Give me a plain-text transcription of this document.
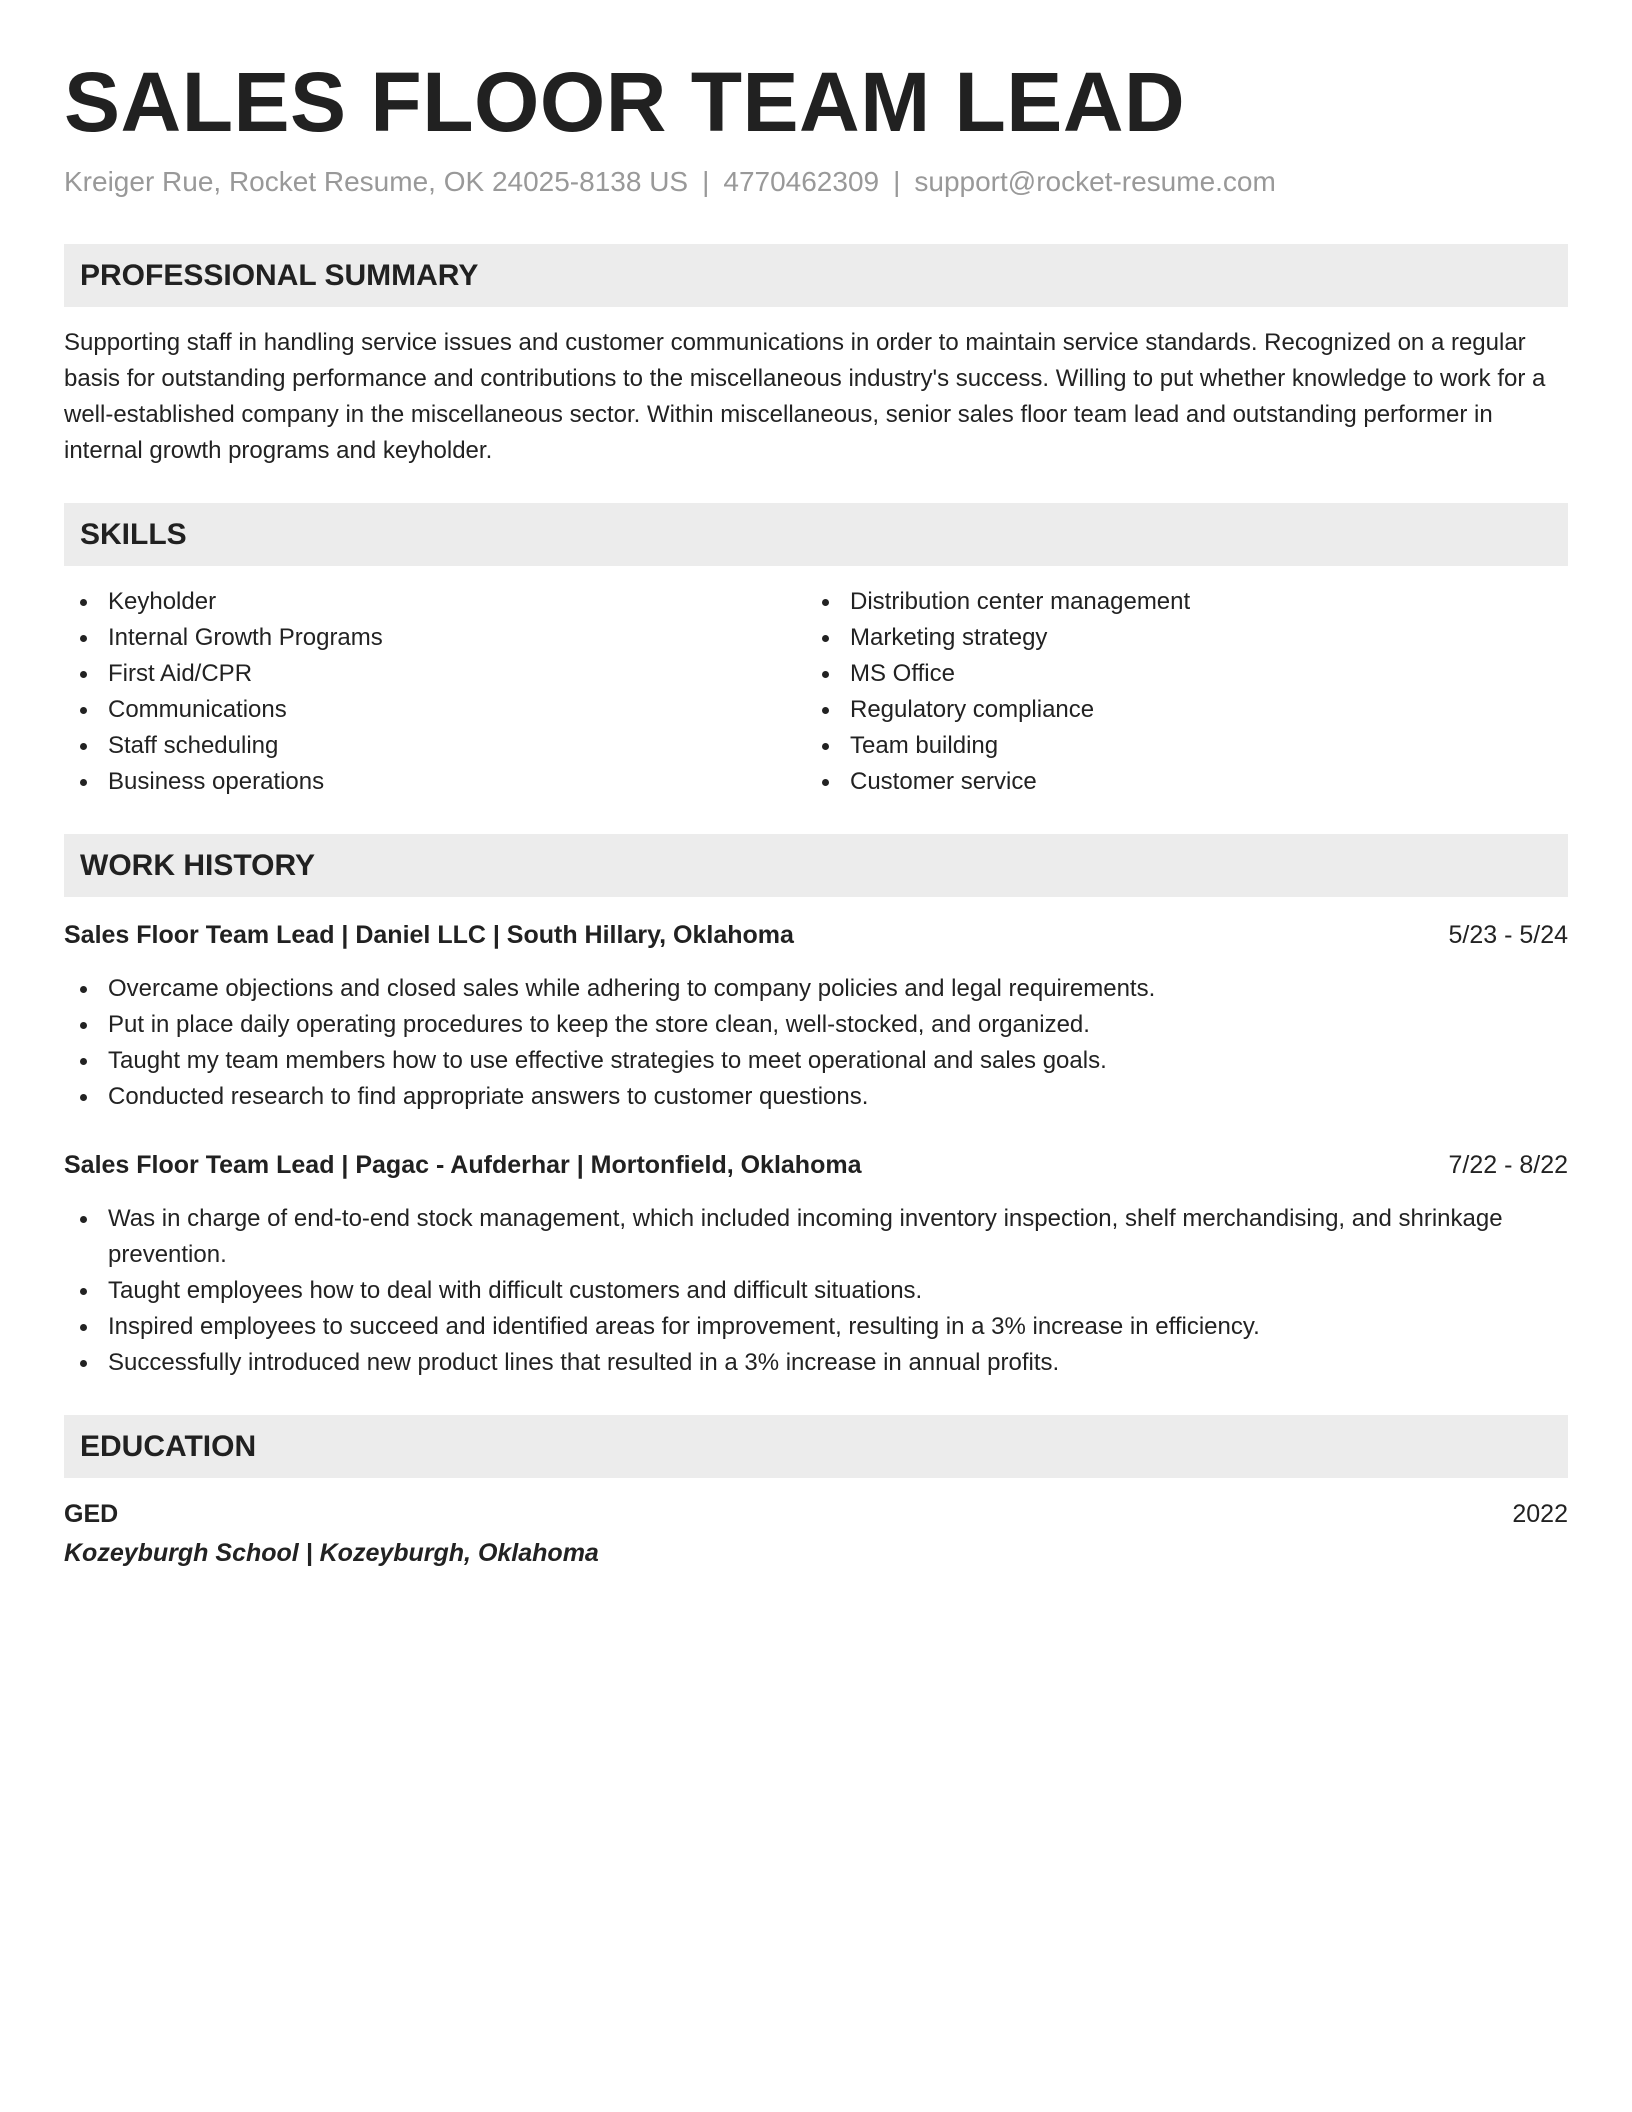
SALES FLOOR TEAM LEAD
Kreiger Rue, Rocket Resume, OK 24025-8138 US | 4770462309 | support@rocket-resume.com
PROFESSIONAL SUMMARY

Supporting staff in handling service issues and customer communications in order to maintain service standards. Recognized on a regular basis for outstanding performance and contributions to the miscellaneous industry's success. Willing to put whether knowledge to work for a well-established company in the miscellaneous sector. Within miscellaneous, senior sales floor team lead and outstanding performer in internal growth programs and keyholder.

SKILLS
Keyholder
Internal Growth Programs
First Aid/CPR
Communications
Staff scheduling
Business operations
Distribution center management
Marketing strategy
MS Office
Regulatory compliance
Team building
Customer service
WORK HISTORY
Sales Floor Team Lead | Daniel LLC | South Hillary, Oklahoma	5/23 - 5/24
Overcame objections and closed sales while adhering to company policies and legal requirements.
Put in place daily operating procedures to keep the store clean, well-stocked, and organized.
Taught my team members how to use effective strategies to meet operational and sales goals.
Conducted research to find appropriate answers to customer questions.
Sales Floor Team Lead | Pagac - Aufderhar | Mortonfield, Oklahoma	7/22 - 8/22
Was in charge of end-to-end stock management, which included incoming inventory inspection, shelf merchandising, and shrinkage prevention.
Taught employees how to deal with difficult customers and difficult situations.
Inspired employees to succeed and identified areas for improvement, resulting in a 3% increase in efficiency.
Successfully introduced new product lines that resulted in a 3% increase in annual profits.
EDUCATION
GED	2022
Kozeyburgh School | Kozeyburgh, Oklahoma
